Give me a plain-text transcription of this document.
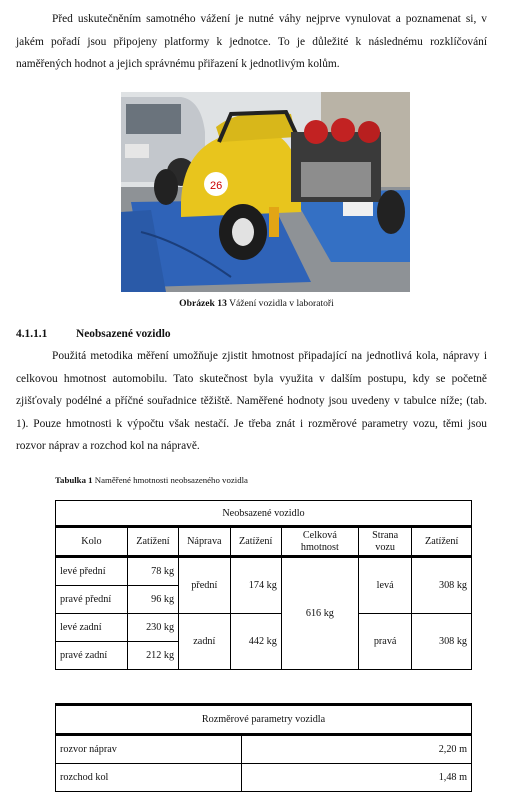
Před uskutečněním samotného vážení je nutné váhy nejprve vynulovat a poznamenat si, v jakém pořadí jsou připojeny platformy k jednotce. To je důležité k následnému rozklíčování naměřených hodnot a jejich správnému přiřazení k jednotlivým kolům.

26
Obrázek 13 Vážení vozidla v laboratoři
4.1.1.1	Neobsazené vozidlo

Použitá metodika měření umožňuje zjistit hmotnost připadající na jednotlivá kola, nápravy i celkovou hmotnost automobilu. Tato skutečnost byla využita v dalším postupu, kdy se početně zjišťovaly podélné a příčné souřadnice těžiště. Naměřené hodnoty jsou uvedeny v tabulce níže; (tab. 1). Pouze hmotnosti k výpočtu však nestačí. Je třeba znát i rozměrové parametry vozu, těmi jsou rozvor náprav a rozchod kol na nápravě.

Tabulka 1 Naměřené hmotnosti neobsazeného vozidla
Neobsazené vozidlo						
Kolo	Zatížení	Náprava	Zatížení	Celková hmotnost	Strana vozu	Zatížení
levé přední	78 kg	přední	174 kg	616 kg	levá	308 kg
pravé přední	96 kg					
levé zadní	230 kg	zadní	442 kg		pravá	308 kg
pravé zadní	212 kg					
Rozměrové parametry vozidla	
rozvor náprav	2,20 m
rozchod kol	1,48 m
